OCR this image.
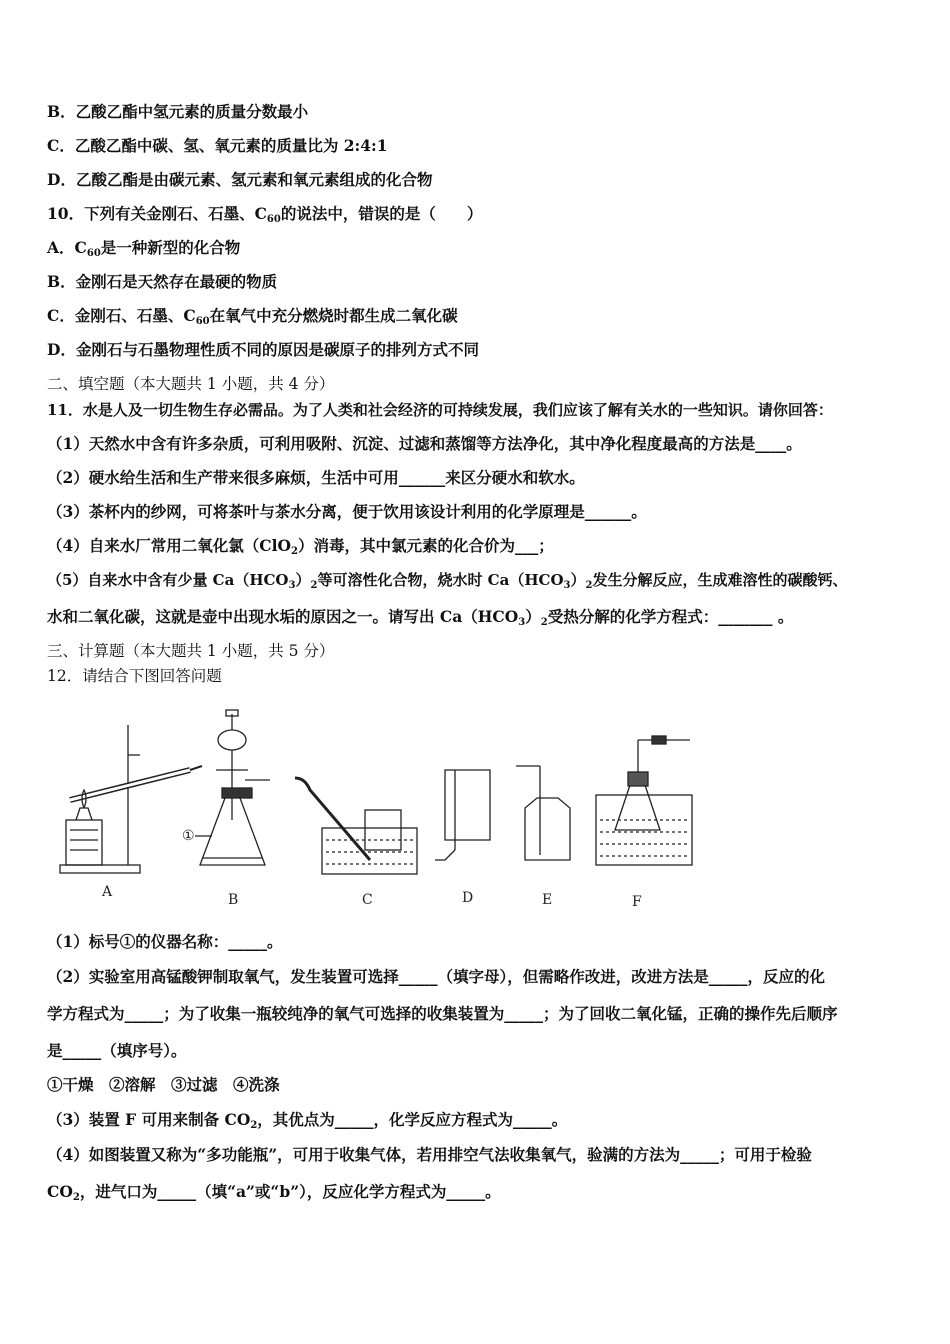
B．乙酸乙酯中氢元素的质量分数最小
C．乙酸乙酯中碳、氢、氧元素的质量比为 2:4:1
D．乙酸乙酯是由碳元素、氢元素和氧元素组成的化合物
10．下列有关金刚石、石墨、$C_{60}$的说法中，错误的是（　　）
A．$C_{60}$是一种新型的化合物
B．金刚石是天然存在最硬的物质
C．金刚石、石墨、$C_{60}$在氧气中充分燃烧时都生成二氧化碳
D．金刚石与石墨物理性质不同的原因是碳原子的排列方式不同
二、填空题（本大题共 1 小题，共 4 分）
11．水是人及一切生物生存必需品。为了人类和社会经济的可持续发展，我们应该了解有关水的一些知识。请你回答：
（1）天然水中含有许多杂质，可利用吸附、沉淀、过滤和蒸馏等方法净化，其中净化程度最高的方法是____。
（2）硬水给生活和生产带来很多麻烦，生活中可用______来区分硬水和软水。
（3）茶杯内的纱网，可将茶叶与茶水分离，便于饮用该设计利用的化学原理是______。
（4）自来水厂常用二氧化氯（ClO$_2$）消毒，其中氯元素的化合价为___；
（5）自来水中含有少量 $Ca(HCO_3)_2$等可溶性化合物，烧水时 $Ca(HCO_3)_2$发生分解反应，生成难溶性的碳酸钙、
水和二氧化碳，这就是壶中出现水垢的原因之一。请写出 $Ca(HCO_3)_2$受热分解的化学方程式：_______ 。
三、计算题（本大题共 1 小题，共 5 分）
12．请结合下图回答问题
A
①
B	C	D	E	F
（1）标号①的仪器名称：_____。
（2）实验室用高锰酸钾制取氧气，发生装置可选择_____（填字母），但需略作改进，改进方法是_____，反应的化
学方程式为_____；为了收集一瓶较纯净的氧气可选择的收集装置为_____；为了回收二氧化锰，正确的操作先后顺序
是_____（填序号）。
①干燥　②溶解　③过滤　④洗涤
（3）装置 F 可用来制备 $CO_2$，其优点为_____，化学反应方程式为_____。
（4）如图装置又称为“多功能瓶”，可用于收集气体，若用排空气法收集氧气，验满的方法为_____；可用于检验
$CO_2$，进气口为_____（填“a”或“b”），反应化学方程式为_____。
